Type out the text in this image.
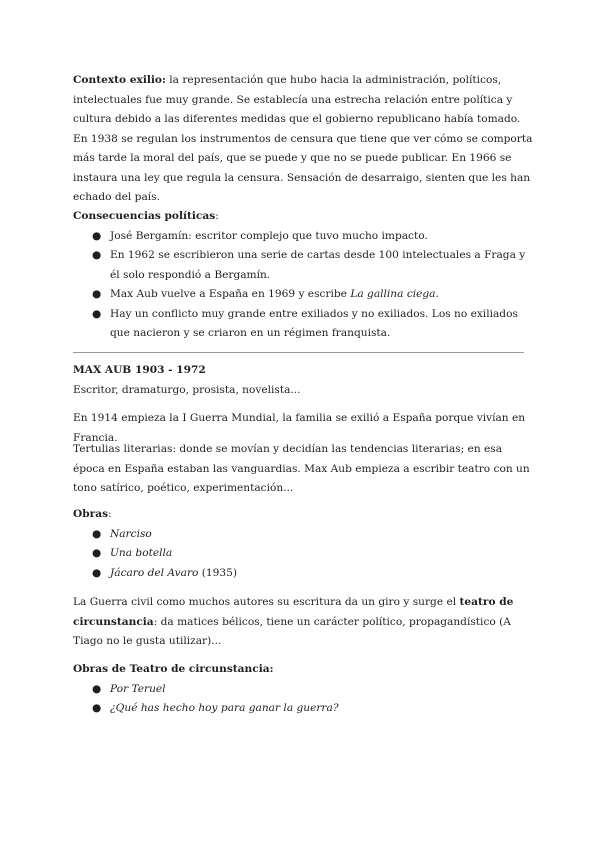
Contexto exilio: la representación que hubo hacia la administración, políticos, intelectuales fue muy grande. Se establecía una estrecha relación entre política y cultura debido a las diferentes medidas que el gobierno republicano había tomado. En 1938 se regulan los instrumentos de censura que tiene que ver cómo se comporta más tarde la moral del país, que se puede y que no se puede publicar. En 1966 se instaura una ley que regula la censura. Sensación de desarraigo, sienten que les han echado del país.

Consecuencias políticas:

● José Bergamín: escritor complejo que tuvo mucho impacto.
● En 1962 se escribieron una serie de cartas desde 100 intelectuales a Fraga y él solo respondió a Bergamín.
● Max Aub vuelve a España en 1969 y escribe La gallina ciega.
● Hay un conflicto muy grande entre exiliados y no exiliados. Los no exiliados que nacieron y se criaron en un régimen franquista.

MAX AUB 1903 - 1972

Escritor, dramaturgo, prosista, novelista...

En 1914 empieza la I Guerra Mundial, la familia se exilió a España porque vivían en Francia.

Tertulias literarias: donde se movían y decidían las tendencias literarias; en esa época en España estaban las vanguardias. Max Aub empieza a escribir teatro con un tono satírico, poético, experimentación...

Obras:

● Narciso
● Una botella
● Jácaro del Avaro (1935)

La Guerra civil como muchos autores su escritura da un giro y surge el teatro de circunstancia: da matices bélicos, tiene un carácter político, propagandístico (A Tiago no le gusta utilizar)...

Obras de Teatro de circunstancia:

● Por Teruel
● ¿Qué has hecho hoy para ganar la guerra?
